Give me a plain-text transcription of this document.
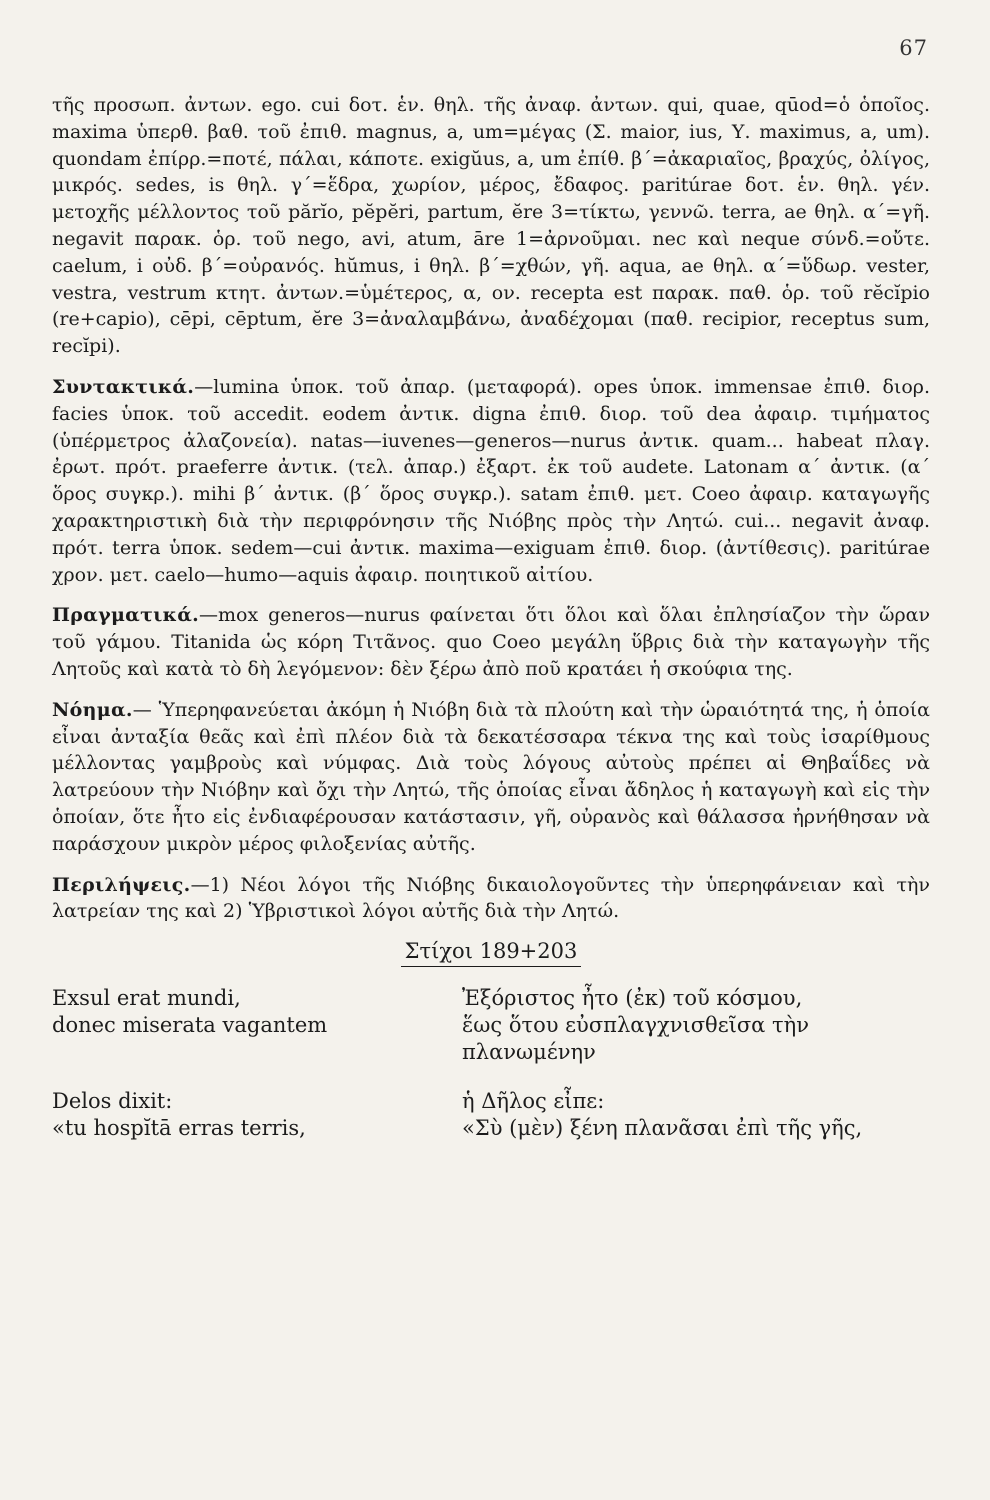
67

τῆς προσωπ. ἀντων. ego. cui δοτ. ἑν. θηλ. τῆς ἀναφ. ἀντων. qui, quae, qūod=ὁ ὁποῖος. maxima ὑπερθ. βαθ. τοῦ ἐπιθ. magnus, a, um=μέγας (Σ. maior, ius, Υ. maximus, a, um). quondam ἐπίρρ.=ποτέ, πάλαι, κάποτε. exigŭus, a, um ἐπίθ. β΄=ἀκαριαῖος, βραχύς, ὀλίγος, μικρός. sedes, is θηλ. γ΄=ἕδρα, χωρίον, μέρος, ἔδαφος. paritúrae δοτ. ἑν. θηλ. γέν. μετοχῆς μέλλοντος τοῦ părĭo, pĕpĕri, partum, ĕre 3=τίκτω, γεννῶ. terra, ae θηλ. α΄=γῆ. negavit παρακ. ὁρ. τοῦ nego, avi, atum, āre 1=ἀρνοῦμαι. nec καὶ neque σύνδ.=οὔτε. caelum, i οὐδ. β΄=οὐρανός. hŭmus, i θηλ. β΄=χθών, γῆ. aqua, ae θηλ. α΄=ὕδωρ. vester, vestra, vestrum κτητ. ἀντων.=ὑμέτερος, α, ον. recepta est παρακ. παθ. ὁρ. τοῦ rĕcĭpio (re+capio), cēpi, cēptum, ĕre 3=ἀναλαμβάνω, ἀναδέχομαι (παθ. recipior, receptus sum, recĭpi).

Συντακτικά.—lumina ὑποκ. τοῦ ἀπαρ. (μεταφορά). opes ὑποκ. immensae ἐπιθ. διορ. facies ὑποκ. τοῦ accedit. eodem ἀντικ. digna ἐπιθ. διορ. τοῦ dea ἀφαιρ. τιμήματος (ὑπέρμετρος ἀλαζονεία). natas—iuvenes—generos—nurus ἀντικ. quam... habeat πλαγ. ἐρωτ. πρότ. praeferre ἀντικ. (τελ. ἀπαρ.) ἐξαρτ. ἐκ τοῦ audete. Latonam α΄ ἀντικ. (α΄ ὅρος συγκρ.). mihi β΄ ἀντικ. (β΄ ὅρος συγκρ.). satam ἐπιθ. μετ. Coeo ἀφαιρ. καταγωγῆς χαρακτηριστικὴ διὰ τὴν περιφρόνησιν τῆς Νιόβης πρὸς τὴν Λητώ. cui... negavit ἀναφ. πρότ. terra ὑποκ. sedem—cui ἀντικ. maxima—exiguam ἐπιθ. διορ. (ἀντίθεσις). paritúrae χρον. μετ. caelo—humo—aquis ἀφαιρ. ποιητικοῦ αἰτίου.

Πραγματικά.—mox generos—nurus φαίνεται ὅτι ὅλοι καὶ ὅλαι ἐπλησίαζον τὴν ὥραν τοῦ γάμου. Titanida ὡς κόρη Τιτᾶνος. quo Coeo μεγάλη ὕβρις διὰ τὴν καταγωγὴν τῆς Λητοῦς καὶ κατὰ τὸ δὴ λεγόμενον: δὲν ξέρω ἀπὸ ποῦ κρατάει ἡ σκούφια της.

Νόημα.— Ὑπερηφανεύεται ἀκόμη ἡ Νιόβη διὰ τὰ πλούτη καὶ τὴν ὡραιότητά της, ἡ ὁποία εἶναι ἀνταξία θεᾶς καὶ ἐπὶ πλέον διὰ τὰ δεκατέσσαρα τέκνα της καὶ τοὺς ἰσαρίθμους μέλλοντας γαμβροὺς καὶ νύμφας. Διὰ τοὺς λόγους αὐτοὺς πρέπει αἱ Θηβαΐδες νὰ λατρεύουν τὴν Νιόβην καὶ ὄχι τὴν Λητώ, τῆς ὁποίας εἶναι ἄδηλος ἡ καταγωγὴ καὶ εἰς τὴν ὁποίαν, ὅτε ἦτο εἰς ἐνδιαφέρουσαν κατάστασιν, γῆ, οὐρανὸς καὶ θάλασσα ἠρνήθησαν νὰ παράσχουν μικρὸν μέρος φιλοξενίας αὐτῆς.

Περιλήψεις.—1) Νέοι λόγοι τῆς Νιόβης δικαιολογοῦντες τὴν ὑπερηφάνειαν καὶ τὴν λατρείαν της καὶ 2) Ὑβριστικοὶ λόγοι αὐτῆς διὰ τὴν Λητώ.

Στίχοι 189+203
Exsul erat mundi,	Ἐξόριστος ἦτο (ἐκ) τοῦ κόσμου,
donec miserata vagantem	ἕως ὅτου εὐσπλαγχνισθεῖσα τὴν πλανωμένην

Delos dixit:	ἡ Δῆλος εἶπε:
«tu hospĭtā erras terris,	«Σὺ (μὲν) ξένη πλανᾶσαι ἐπὶ τῆς γῆς,
